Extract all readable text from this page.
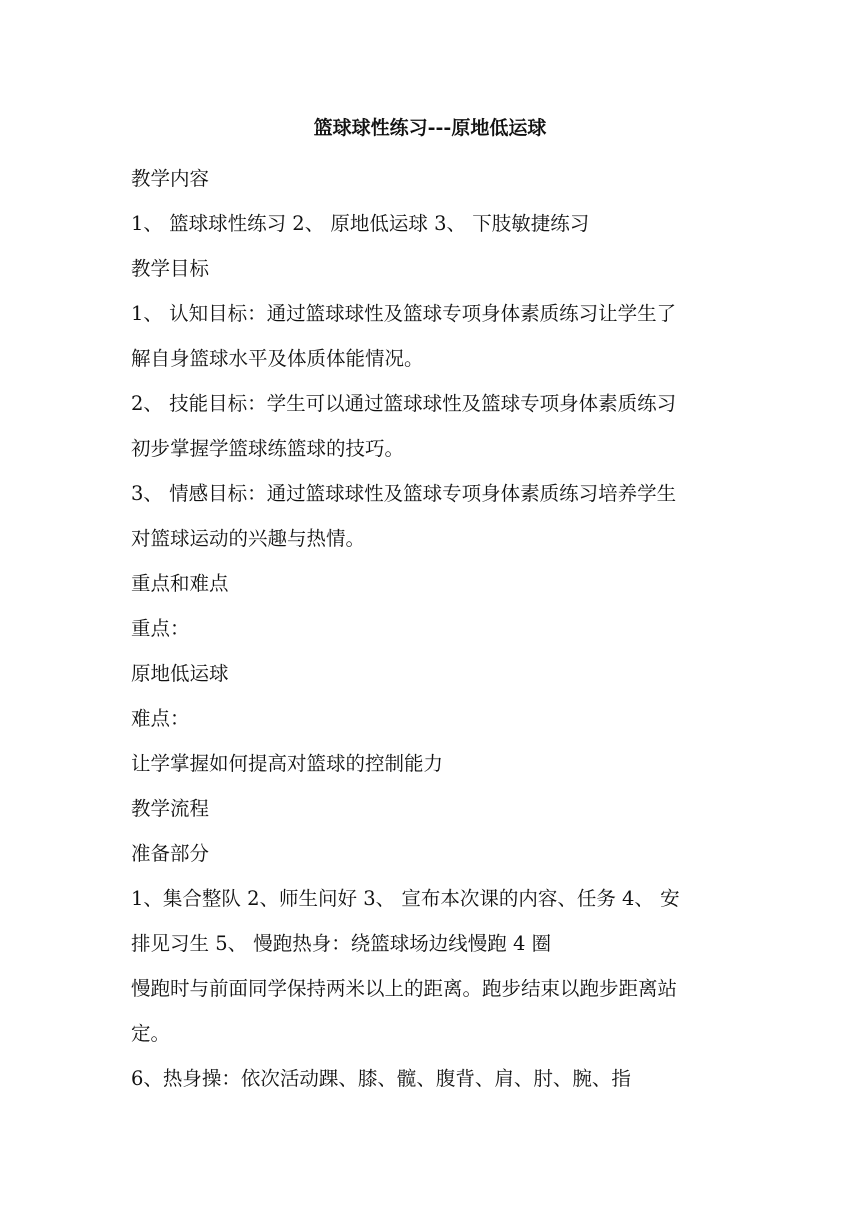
篮球球性练习---原地低运球

教学内容

1、 篮球球性练习 2、 原地低运球 3、 下肢敏捷练习

教学目标

1、 认知目标：通过篮球球性及篮球专项身体素质练习让学生了

解自身篮球水平及体质体能情况。

2、 技能目标：学生可以通过篮球球性及篮球专项身体素质练习

初步掌握学篮球练篮球的技巧。

3、 情感目标：通过篮球球性及篮球专项身体素质练习培养学生

对篮球运动的兴趣与热情。

重点和难点

重点：

原地低运球

难点：

让学掌握如何提高对篮球的控制能力

教学流程

准备部分

1、集合整队 2、师生问好 3、 宣布本次课的内容、任务 4、 安

排见习生 5、 慢跑热身：绕篮球场边线慢跑 4 圈

慢跑时与前面同学保持两米以上的距离。跑步结束以跑步距离站

定。

6、热身操：依次活动踝、膝、髋、腹背、肩、肘、腕、指
